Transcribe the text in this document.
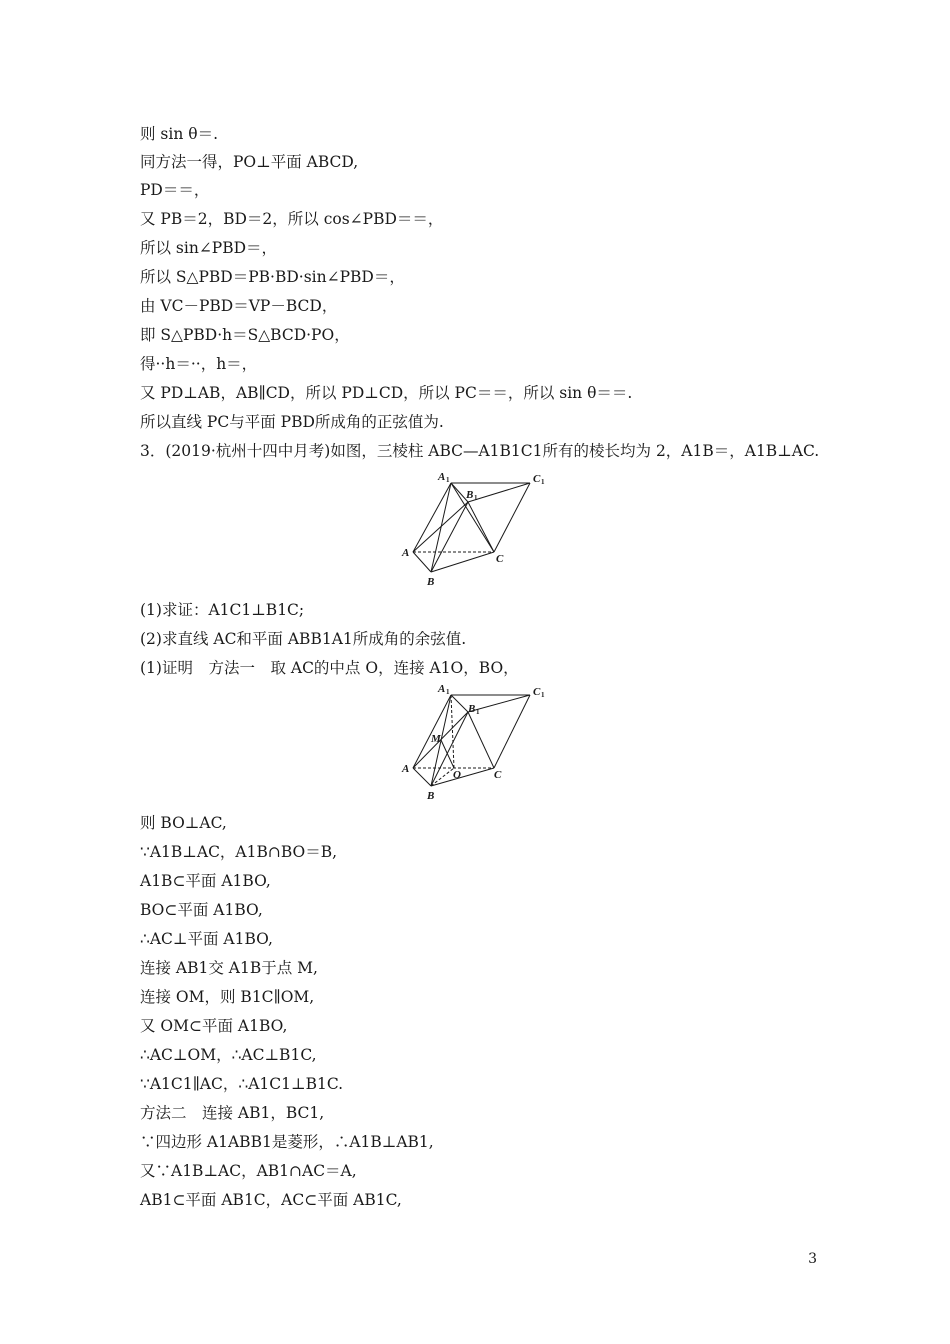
则 sin θ＝.
同方法一得，PO⊥平面 ABCD,
PD＝＝，
又 PB＝2，BD＝2，所以 cos∠PBD＝＝，
所以 sin∠PBD＝，
所以 S△PBD＝PB·BD·sin∠PBD＝，
由 VC－PBD＝VP－BCD，
即 S△PBD·h＝S△BCD·PO，
得··h＝··，h＝，
又 PD⊥AB，AB∥CD，所以 PD⊥CD，所以 PC＝＝，所以 sin θ＝＝.
所以直线 PC与平面 PBD所成角的正弦值为.
3．(2019·杭州十四中月考)如图，三棱柱 ABC—A1B1C1所有的棱长均为 2，A1B＝，A1B⊥AC.
(1)求证：A1C1⊥B1C;
(2)求直线 AC和平面 ABB1A1所成角的余弦值.
(1)证明　方法一　取 AC的中点 O，连接 A1O，BO，
则 BO⊥AC,
∵A1B⊥AC，A1B∩BO＝B,
A1B⊂平面 A1BO,
BO⊂平面 A1BO,
∴AC⊥平面 A1BO,
连接 AB1交 A1B于点 M,
连接 OM，则 B1C∥OM,
又 OM⊂平面 A1BO,
∴AC⊥OM，∴AC⊥B1C,
∵A1C1∥AC，∴A1C1⊥B1C.
方法二　连接 AB1，BC1,
∵四边形 A1ABB1是菱形，∴A1B⊥AB1,
又∵A1B⊥AC，AB1∩AC＝A,
AB1⊂平面 AB1C，AC⊂平面 AB1C,
A 1
B 1
C 1
A
B
C
A 1
B 1
C 1
M
A	O
B
C
3
